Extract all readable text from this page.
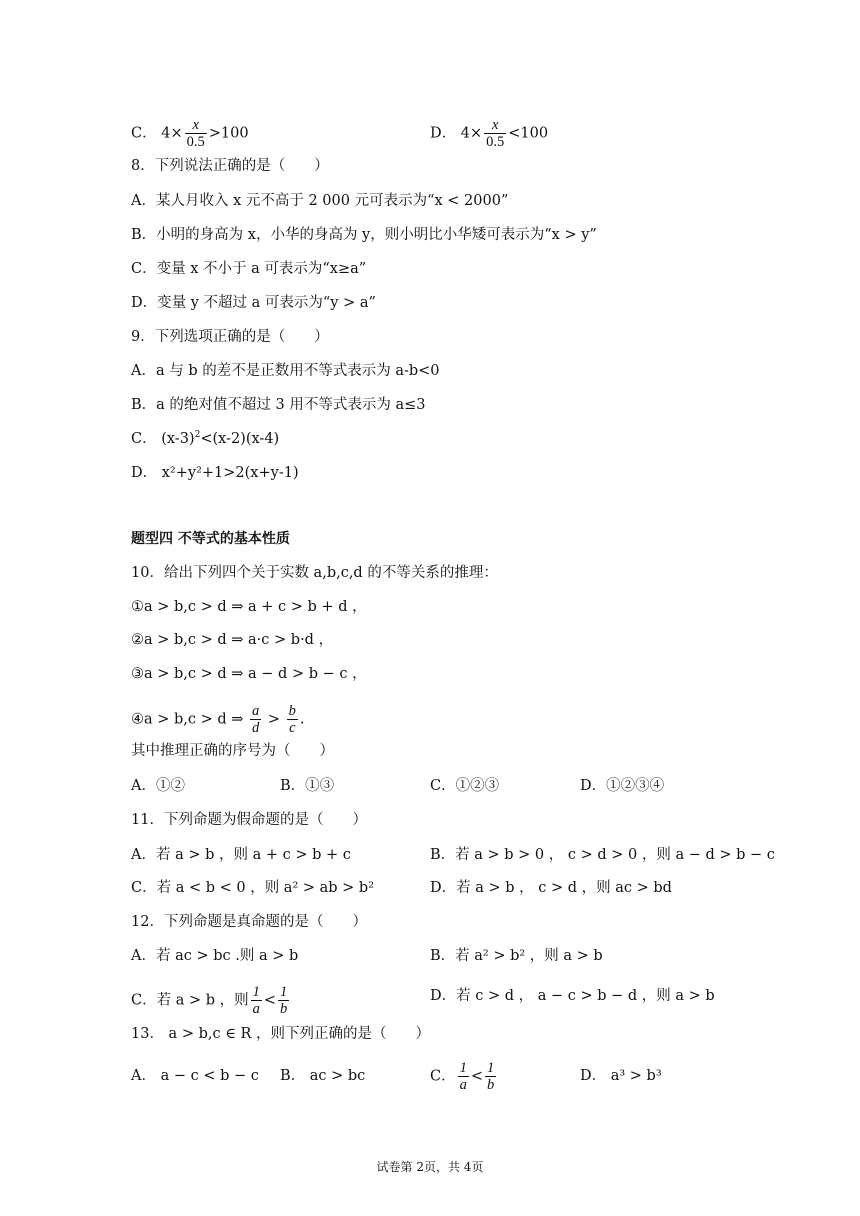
C． $4\times \frac{x}{0.5} >100$	D． $4\times \frac{x}{0.5} <100$
8．下列说法正确的是（　　）
A．某人月收入 x 元不高于 2 000 元可表示为“x < 2000”
B．小明的身高为 x，小华的身高为 y，则小明比小华矮可表示为“x > y”
C．变量 x 不小于 a 可表示为“x≥a”
D．变量 y 不超过 a 可表示为“y > a”
9．下列选项正确的是（　　）
A．a 与 b 的差不是正数用不等式表示为 a-b<0
B．a 的绝对值不超过 3 用不等式表示为 a≤3
C． $(x-3)^2<(x-2)(x-4)$
D． x²+y²+1>2(x+y-1)
题型四 不等式的基本性质
10．给出下列四个关于实数 a,b,c,d 的不等关系的推理：
①a > b,c > d ⇒ a + c > b + d ，
②a > b,c > d ⇒ a·c > b·d ，
③a > b,c > d ⇒ a − d > b − c ，
④a > b,c > d ⇒ $\frac{a}{d} > \frac{b}{c}$ .
其中推理正确的序号为（　　）
A．①②	B．①③	C．①②③	D．①②③④
11．下列命题为假命题的是（　　）
A．若 a > b ，则 a + c > b + c	B．若 a > b > 0 ， c > d > 0 ，则 a − d > b − c
C．若 a < b < 0 ，则 a² > ab > b²	D．若 a > b ， c > d ，则 ac > bd
12．下列命题是真命题的是（　　）
A．若 ac > bc .则 a > b	B．若 a² > b² ，则 a > b
C．若 a > b ，则 $\frac{1}{a} < \frac{1}{b}$	D．若 c > d ， a − c > b − d ，则 a > b
13． a > b,c ∈ R ，则下列正确的是（　　）
A． a − c < b − c B． ac > bc	C． $\frac{1}{a} < \frac{1}{b}$	D． a³ > b³
试卷第 2页，共 4页
